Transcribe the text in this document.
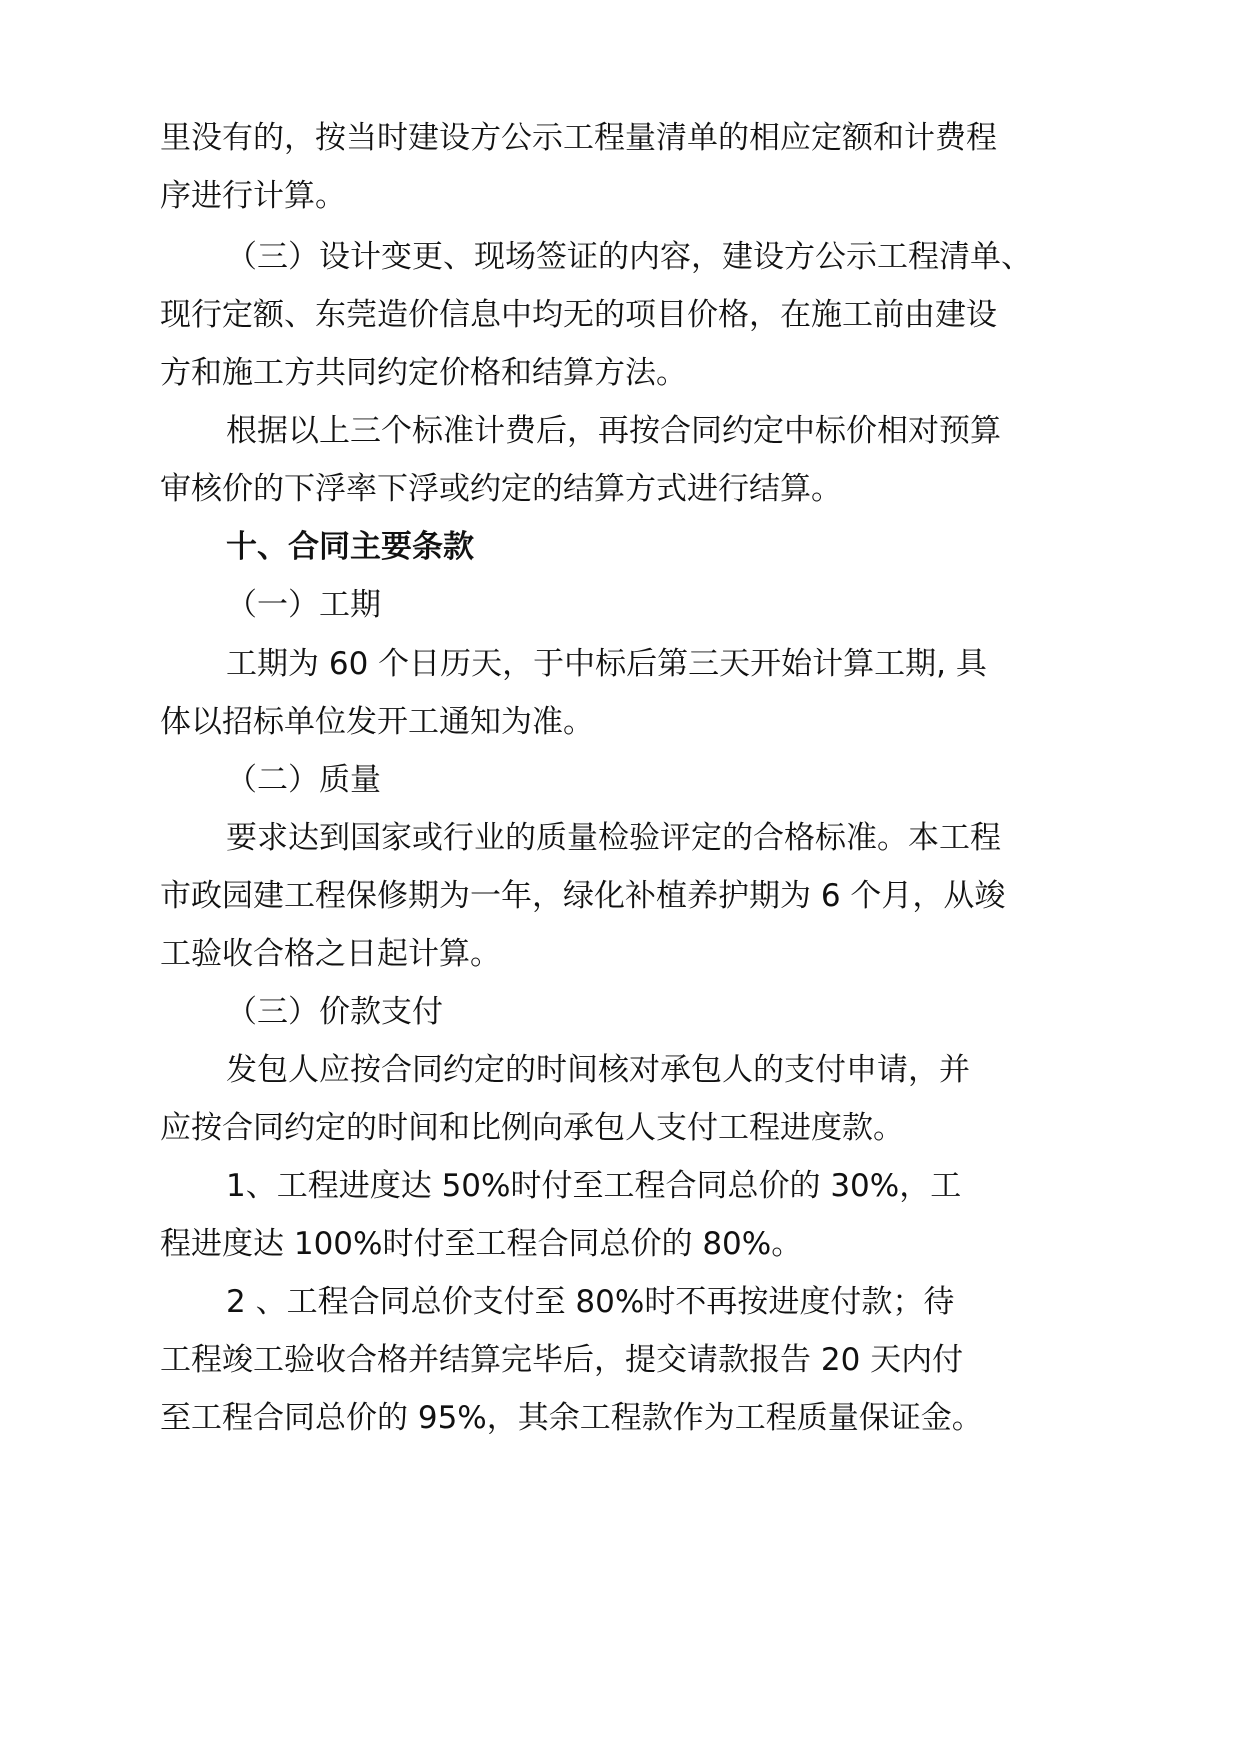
里没有的，按当时建设方公示工程量清单的相应定额和计费程
序进行计算。
（三）设计变更、现场签证的内容，建设方公示工程清单、
现行定额、东莞造价信息中均无的项目价格，在施工前由建设
方和施工方共同约定价格和结算方法。
根据以上三个标准计费后，再按合同约定中标价相对预算
审核价的下浮率下浮或约定的结算方式进行结算。
十、合同主要条款
（一）工期
工期为 60 个日历天，于中标后第三天开始计算工期, 具
体以招标单位发开工通知为准。
（二）质量
要求达到国家或行业的质量检验评定的合格标准。本工程
市政园建工程保修期为一年，绿化补植养护期为 6 个月，从竣
工验收合格之日起计算。
（三）价款支付
发包人应按合同约定的时间核对承包人的支付申请，并
应按合同约定的时间和比例向承包人支付工程进度款。
1、工程进度达 50%时付至工程合同总价的 30%，工
程进度达 100%时付至工程合同总价的 80%。
2 、工程合同总价支付至 80%时不再按进度付款；待
工程竣工验收合格并结算完毕后，提交请款报告 20 天内付
至工程合同总价的 95%，其余工程款作为工程质量保证金。
